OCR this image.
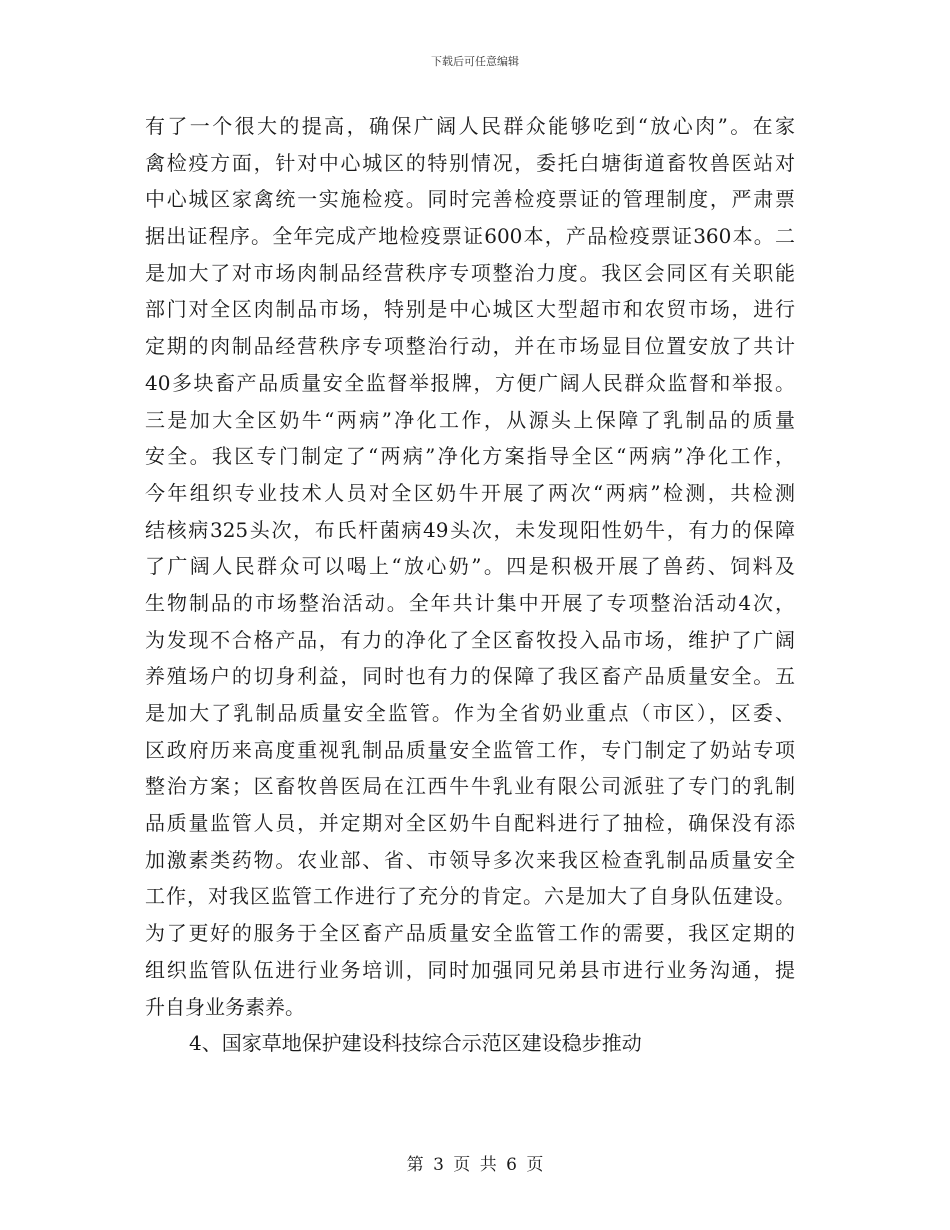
下载后可任意编辑
有了一个很大的提高，确保广阔人民群众能够吃到“放心肉”。在家
禽检疫方面，针对中心城区的特别情况，委托白塘街道畜牧兽医站对
中心城区家禽统一实施检疫。同时完善检疫票证的管理制度，严肃票
据出证程序。全年完成产地检疫票证600本，产品检疫票证360本。二
是加大了对市场肉制品经营秩序专项整治力度。我区会同区有关职能
部门对全区肉制品市场，特别是中心城区大型超市和农贸市场，进行
定期的肉制品经营秩序专项整治行动，并在市场显目位置安放了共计
40多块畜产品质量安全监督举报牌，方便广阔人民群众监督和举报。
三是加大全区奶牛“两病”净化工作，从源头上保障了乳制品的质量
安全。我区专门制定了“两病”净化方案指导全区“两病”净化工作，
今年组织专业技术人员对全区奶牛开展了两次“两病”检测，共检测
结核病325头次，布氏杆菌病49头次，未发现阳性奶牛，有力的保障
了广阔人民群众可以喝上“放心奶”。四是积极开展了兽药、饲料及
生物制品的市场整治活动。全年共计集中开展了专项整治活动4次，
为发现不合格产品，有力的净化了全区畜牧投入品市场，维护了广阔
养殖场户的切身利益，同时也有力的保障了我区畜产品质量安全。五
是加大了乳制品质量安全监管。作为全省奶业重点（市区），区委、
区政府历来高度重视乳制品质量安全监管工作，专门制定了奶站专项
整治方案；区畜牧兽医局在江西牛牛乳业有限公司派驻了专门的乳制
品质量监管人员，并定期对全区奶牛自配料进行了抽检，确保没有添
加激素类药物。农业部、省、市领导多次来我区检查乳制品质量安全
工作，对我区监管工作进行了充分的肯定。六是加大了自身队伍建设。
为了更好的服务于全区畜产品质量安全监管工作的需要，我区定期的
组织监管队伍进行业务培训，同时加强同兄弟县市进行业务沟通，提
升自身业务素养。
4、国家草地保护建设科技综合示范区建设稳步推动
第 3 页 共 6 页
